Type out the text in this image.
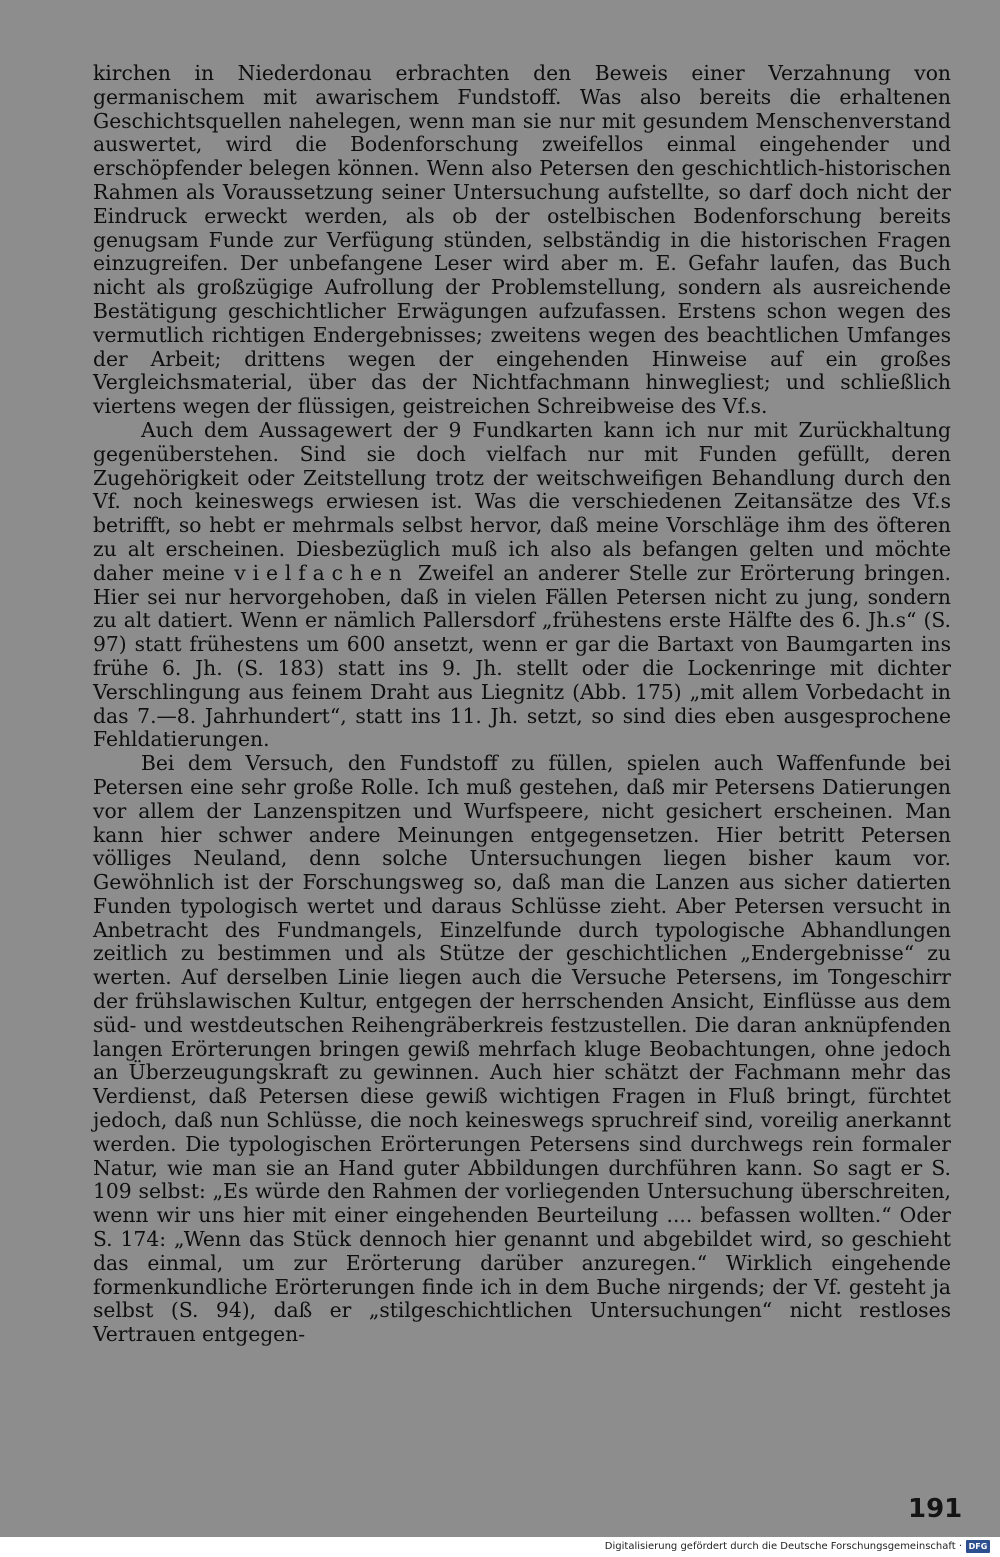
kirchen in Niederdonau erbrachten den Beweis einer Verzahnung von germanischem mit awarischem Fundstoff. Was also bereits die erhaltenen Geschichtsquellen nahelegen, wenn man sie nur mit gesundem Menschenverstand auswertet, wird die Bodenforschung zweifellos einmal eingehender und erschöpfender belegen können. Wenn also Petersen den geschichtlich-historischen Rahmen als Voraussetzung seiner Untersuchung aufstellte, so darf doch nicht der Eindruck erweckt werden, als ob der ostelbischen Bodenforschung bereits genugsam Funde zur Verfügung stünden, selbständig in die historischen Fragen einzugreifen. Der unbefangene Leser wird aber m. E. Gefahr laufen, das Buch nicht als großzügige Aufrollung der Problemstellung, sondern als ausreichende Bestätigung geschichtlicher Erwägungen aufzufassen. Erstens schon wegen des vermutlich richtigen Endergebnisses; zweitens wegen des beachtlichen Umfanges der Arbeit; drittens wegen der eingehenden Hinweise auf ein großes Vergleichsmaterial, über das der Nichtfachmann hinwegliest; und schließlich viertens wegen der flüssigen, geistreichen Schreibweise des Vf.s.

Auch dem Aussagewert der 9 Fundkarten kann ich nur mit Zurückhaltung gegenüberstehen. Sind sie doch vielfach nur mit Funden gefüllt, deren Zugehörigkeit oder Zeitstellung trotz der weitschweifigen Behandlung durch den Vf. noch keineswegs erwiesen ist. Was die verschiedenen Zeitansätze des Vf.s betrifft, so hebt er mehrmals selbst hervor, daß meine Vorschläge ihm des öfteren zu alt erscheinen. Diesbezüglich muß ich also als befangen gelten und möchte daher meine vielfachen Zweifel an anderer Stelle zur Erörterung bringen. Hier sei nur hervorgehoben, daß in vielen Fällen Petersen nicht zu jung, sondern zu alt datiert. Wenn er nämlich Pallersdorf „frühestens erste Hälfte des 6. Jh.s“ (S. 97) statt frühestens um 600 ansetzt, wenn er gar die Bartaxt von Baumgarten ins frühe 6. Jh. (S. 183) statt ins 9. Jh. stellt oder die Lockenringe mit dichter Verschlingung aus feinem Draht aus Liegnitz (Abb. 175) „mit allem Vorbedacht in das 7.—8. Jahrhundert“, statt ins 11. Jh. setzt, so sind dies eben ausgesprochene Fehldatierungen.

Bei dem Versuch, den Fundstoff zu füllen, spielen auch Waffenfunde bei Petersen eine sehr große Rolle. Ich muß gestehen, daß mir Petersens Datierungen vor allem der Lanzenspitzen und Wurfspeere, nicht gesichert erscheinen. Man kann hier schwer andere Meinungen entgegensetzen. Hier betritt Petersen völliges Neuland, denn solche Untersuchungen liegen bisher kaum vor. Gewöhnlich ist der Forschungsweg so, daß man die Lanzen aus sicher datierten Funden typologisch wertet und daraus Schlüsse zieht. Aber Petersen versucht in Anbetracht des Fundmangels, Einzelfunde durch typologische Abhandlungen zeitlich zu bestimmen und als Stütze der geschichtlichen „Endergebnisse“ zu werten. Auf derselben Linie liegen auch die Versuche Petersens, im Tongeschirr der frühslawischen Kultur, entgegen der herrschenden Ansicht, Einflüsse aus dem süd- und westdeutschen Reihengräberkreis festzustellen. Die daran anknüpfenden langen Erörterungen bringen gewiß mehrfach kluge Beobachtungen, ohne jedoch an Überzeugungskraft zu gewinnen. Auch hier schätzt der Fachmann mehr das Verdienst, daß Petersen diese gewiß wichtigen Fragen in Fluß bringt, fürchtet jedoch, daß nun Schlüsse, die noch keineswegs spruchreif sind, voreilig anerkannt werden. Die typologischen Erörterungen Petersens sind durchwegs rein formaler Natur, wie man sie an Hand guter Abbildungen durchführen kann. So sagt er S. 109 selbst: „Es würde den Rahmen der vorliegenden Untersuchung überschreiten, wenn wir uns hier mit einer eingehenden Beurteilung .... befassen wollten.“ Oder S. 174: „Wenn das Stück dennoch hier genannt und abgebildet wird, so geschieht das einmal, um zur Erörterung darüber anzuregen.“ Wirklich eingehende formenkundliche Erörterungen finde ich in dem Buche nirgends; der Vf. gesteht ja selbst (S. 94), daß er „stilgeschichtlichen Untersuchungen“ nicht restloses Vertrauen entgegen-

191
Digitalisierung gefördert durch die Deutsche Forschungsgemeinschaft · DFG
